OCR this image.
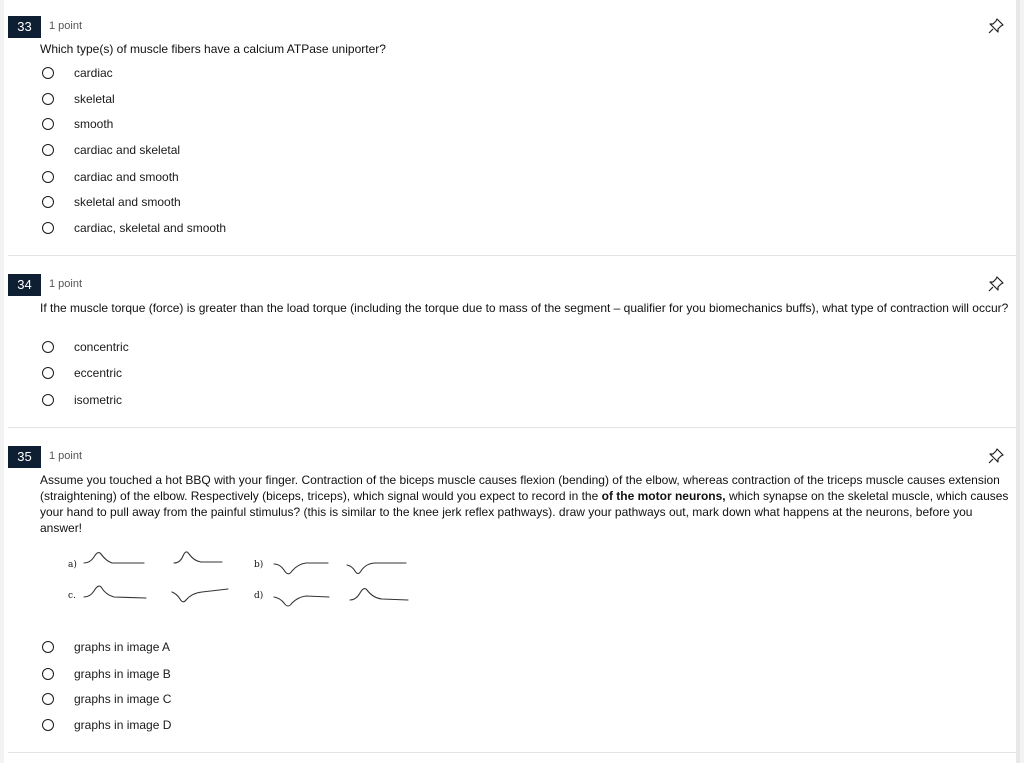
33	1 point
Which type(s) of muscle fibers have a calcium ATPase uniporter?
cardiac
skeletal
smooth
cardiac and skeletal
cardiac and smooth
skeletal and smooth
cardiac, skeletal and smooth
34	1 point
If the muscle torque (force) is greater than the load torque (including the torque due to mass of the segment – qualifier for you biomechanics buffs), what type of contraction will occur?
concentric
eccentric
isometric
35	1 point
Assume you touched a hot BBQ with your finger. Contraction of the biceps muscle causes flexion (bending) of the elbow, whereas contraction of the triceps muscle causes extension (straightening) of the elbow. Respectively (biceps, triceps), which signal would you expect to record in the of the motor neurons, which synapse on the skeletal muscle, which causes your hand to pull away from the painful stimulus? (this is similar to the knee jerk reflex pathways). draw your pathways out, mark down what happens at the neurons, before you answer!
graphs in image A
graphs in image B
graphs in image C
graphs in image D
a)	b)
c.	d)
